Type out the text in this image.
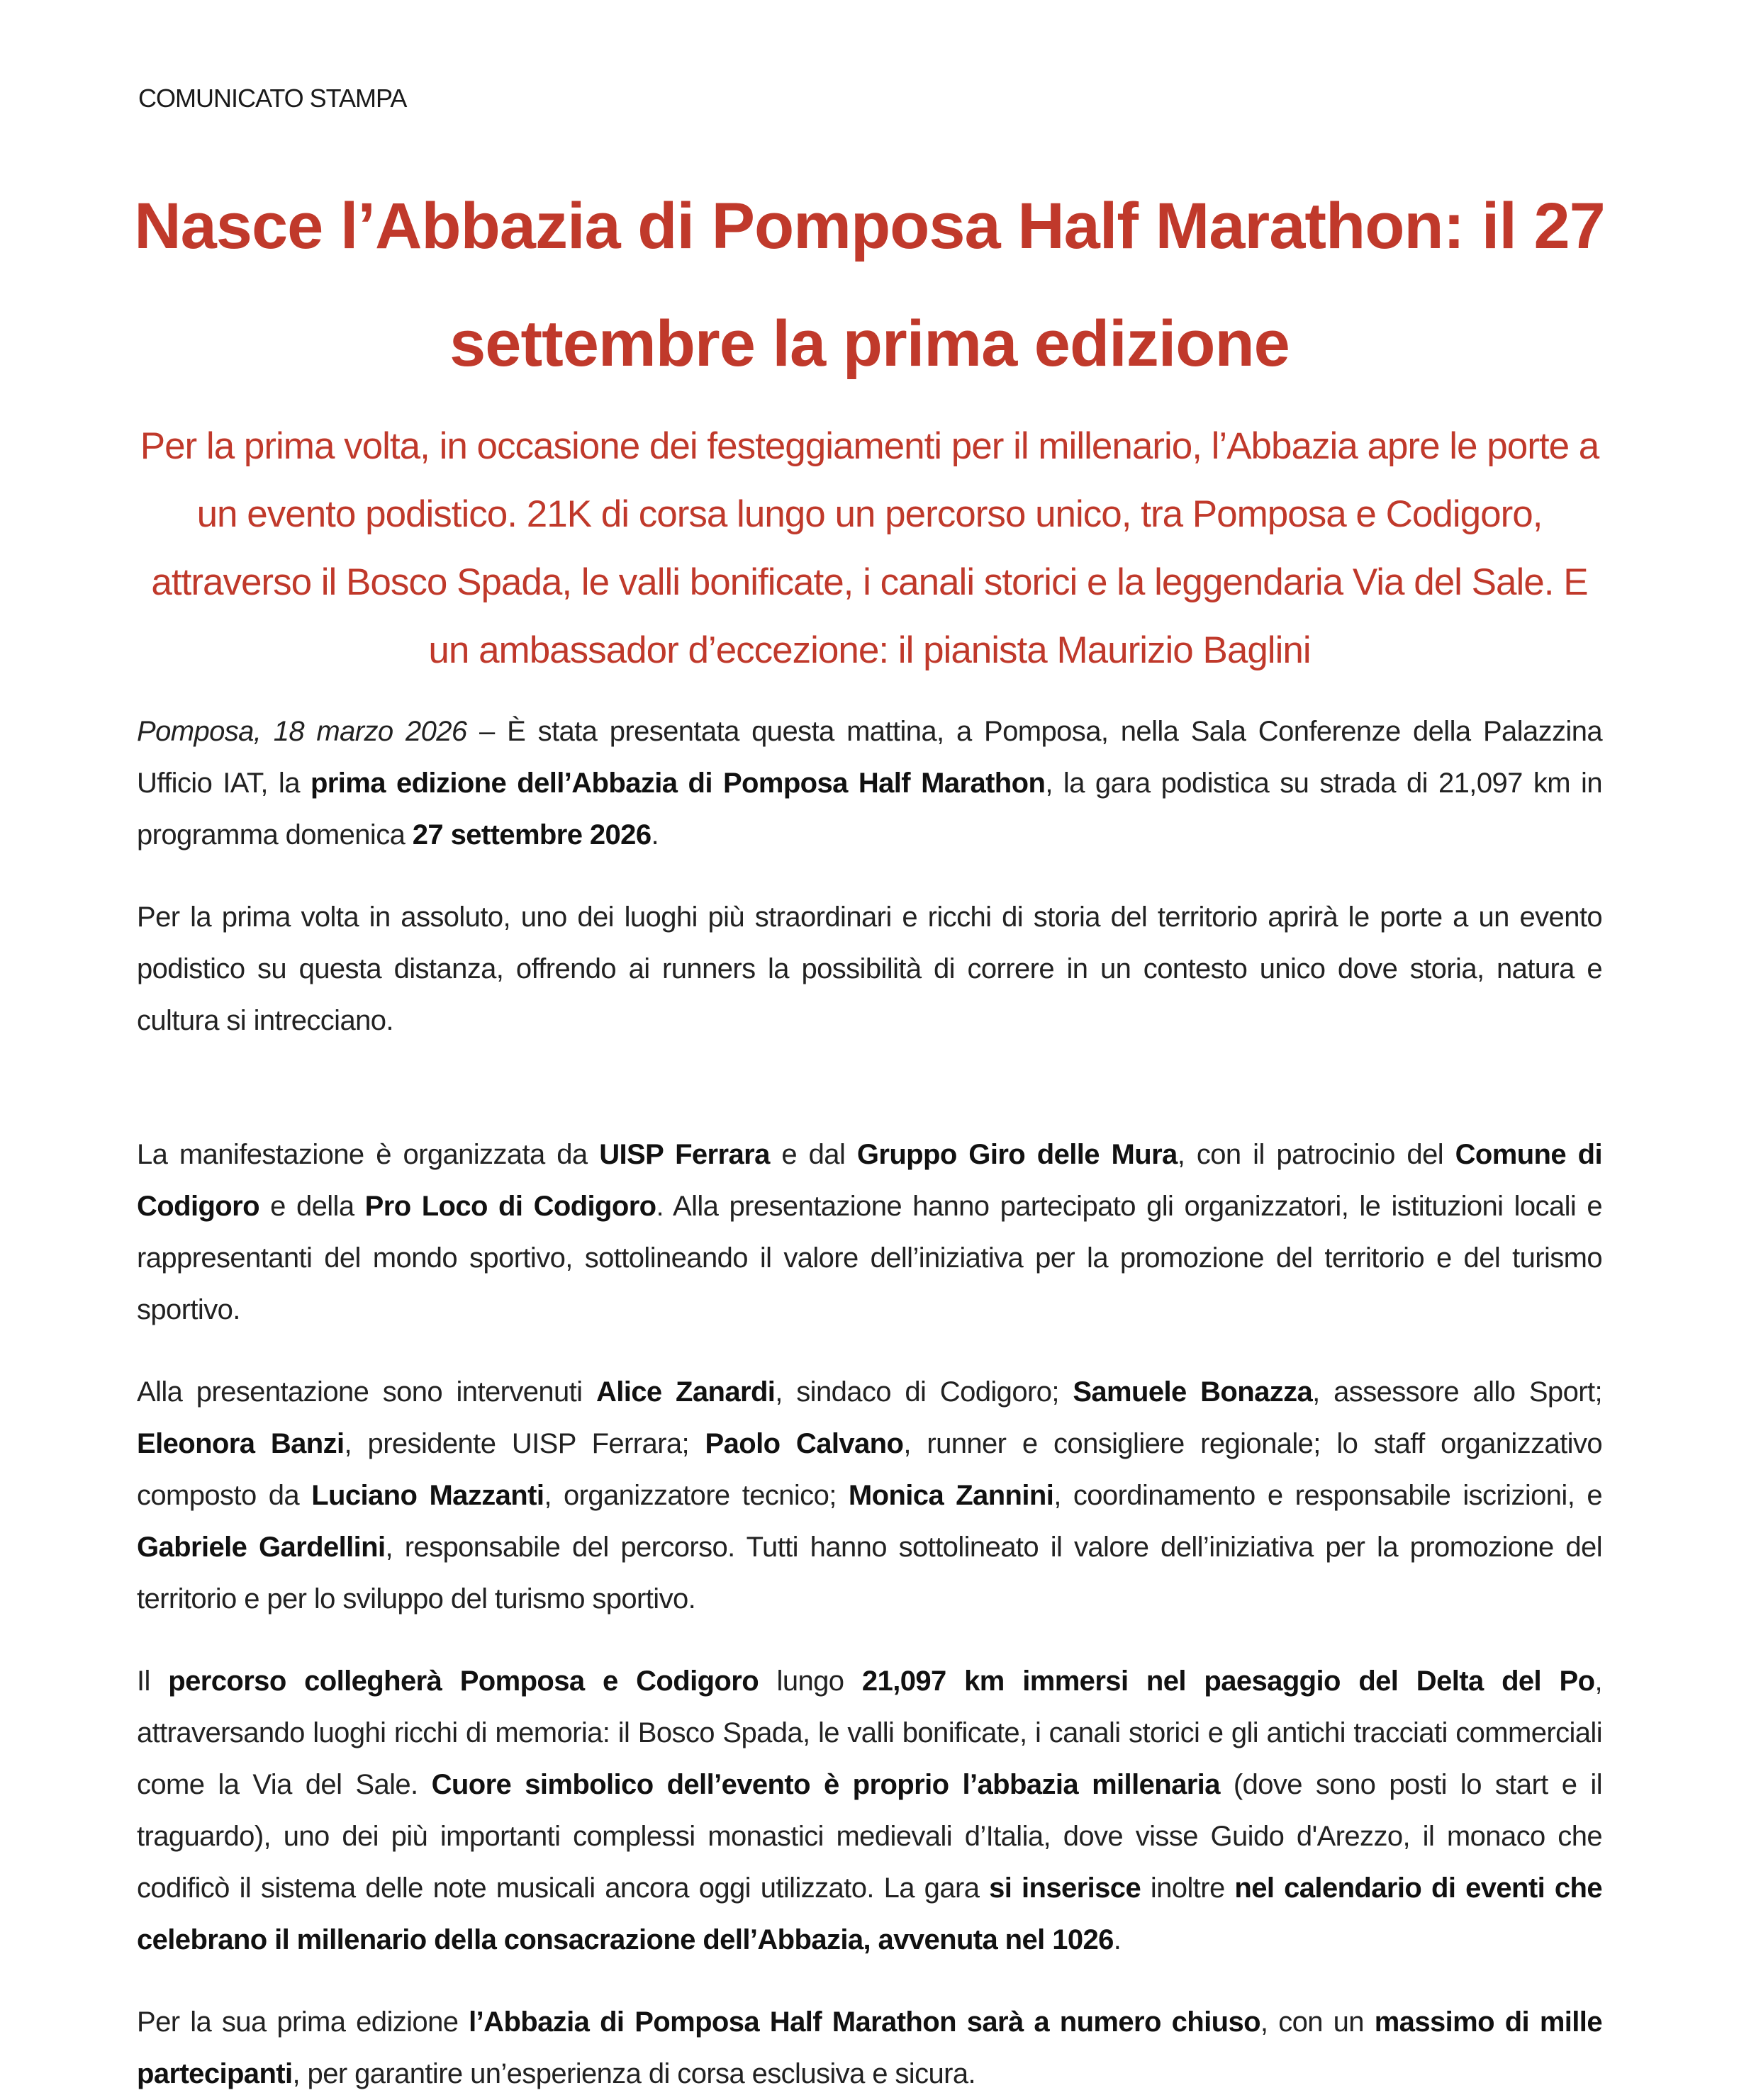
COMUNICATO STAMPA
Nasce l’Abbazia di Pomposa Half Marathon: il 27 settembre la prima edizione

Per la prima volta, in occasione dei festeggiamenti per il millenario, l’Abbazia apre le porte a un evento podistico. 21K di corsa lungo un percorso unico, tra Pomposa e Codigoro, attraverso il Bosco Spada, le valli bonificate, i canali storici e la leggendaria Via del Sale. E un ambassador d’eccezione: il pianista Maurizio Baglini

Pomposa, 18 marzo 2026 – È stata presentata questa mattina, a Pomposa, nella Sala Conferenze della Palazzina Ufficio IAT, la prima edizione dell’Abbazia di Pomposa Half Marathon, la gara podistica su strada di 21,097 km in programma domenica 27 settembre 2026.

Per la prima volta in assoluto, uno dei luoghi più straordinari e ricchi di storia del territorio aprirà le porte a un evento podistico su questa distanza, offrendo ai runners la possibilità di correre in un contesto unico dove storia, natura e cultura si intrecciano.

La manifestazione è organizzata da UISP Ferrara e dal Gruppo Giro delle Mura, con il patrocinio del Comune di Codigoro e della Pro Loco di Codigoro. Alla presentazione hanno partecipato gli organizzatori, le istituzioni locali e rappresentanti del mondo sportivo, sottolineando il valore dell’iniziativa per la promozione del territorio e del turismo sportivo.

Alla presentazione sono intervenuti Alice Zanardi, sindaco di Codigoro; Samuele Bonazza, assessore allo Sport; Eleonora Banzi, presidente UISP Ferrara; Paolo Calvano, runner e consigliere regionale; lo staff organizzativo composto da Luciano Mazzanti, organizzatore tecnico; Monica Zannini, coordinamento e responsabile iscrizioni, e Gabriele Gardellini, responsabile del percorso. Tutti hanno sottolineato il valore dell’iniziativa per la promozione del territorio e per lo sviluppo del turismo sportivo.

Il percorso collegherà Pomposa e Codigoro lungo 21,097 km immersi nel paesaggio del Delta del Po, attraversando luoghi ricchi di memoria: il Bosco Spada, le valli bonificate, i canali storici e gli antichi tracciati commerciali come la Via del Sale. Cuore simbolico dell’evento è proprio l’abbazia millenaria (dove sono posti lo start e il traguardo), uno dei più importanti complessi monastici medievali d’Italia, dove visse Guido d'Arezzo, il monaco che codificò il sistema delle note musicali ancora oggi utilizzato. La gara si inserisce inoltre nel calendario di eventi che celebrano il millenario della consacrazione dell’Abbazia, avvenuta nel 1026.

Per la sua prima edizione l’Abbazia di Pomposa Half Marathon sarà a numero chiuso, con un massimo di mille partecipanti, per garantire un’esperienza di corsa esclusiva e sicura.
